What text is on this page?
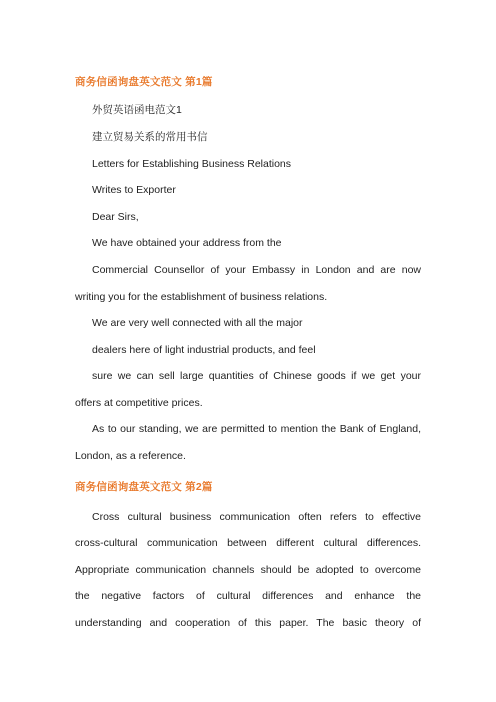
商务信函询盘英文范文 第1篇
外贸英语函电范文1
建立贸易关系的常用书信
Letters for Establishing Business Relations
Writes to Exporter
Dear Sirs,
We have obtained your address from the
Commercial Counsellor of your Embassy in London and are now
writing you for the establishment of business relations.
We are very well connected with all the major
dealers here of light industrial products, and feel
sure we can sell large quantities of Chinese goods if we get your
offers at competitive prices.
As to our standing, we are permitted to mention the Bank of England,
London, as a reference.
商务信函询盘英文范文 第2篇
Cross cultural business communication often refers to effective
cross-cultural communication between different cultural differences.
Appropriate communication channels should be adopted to overcome
the negative factors of cultural differences and enhance the
understanding and cooperation of this paper. The basic theory of
